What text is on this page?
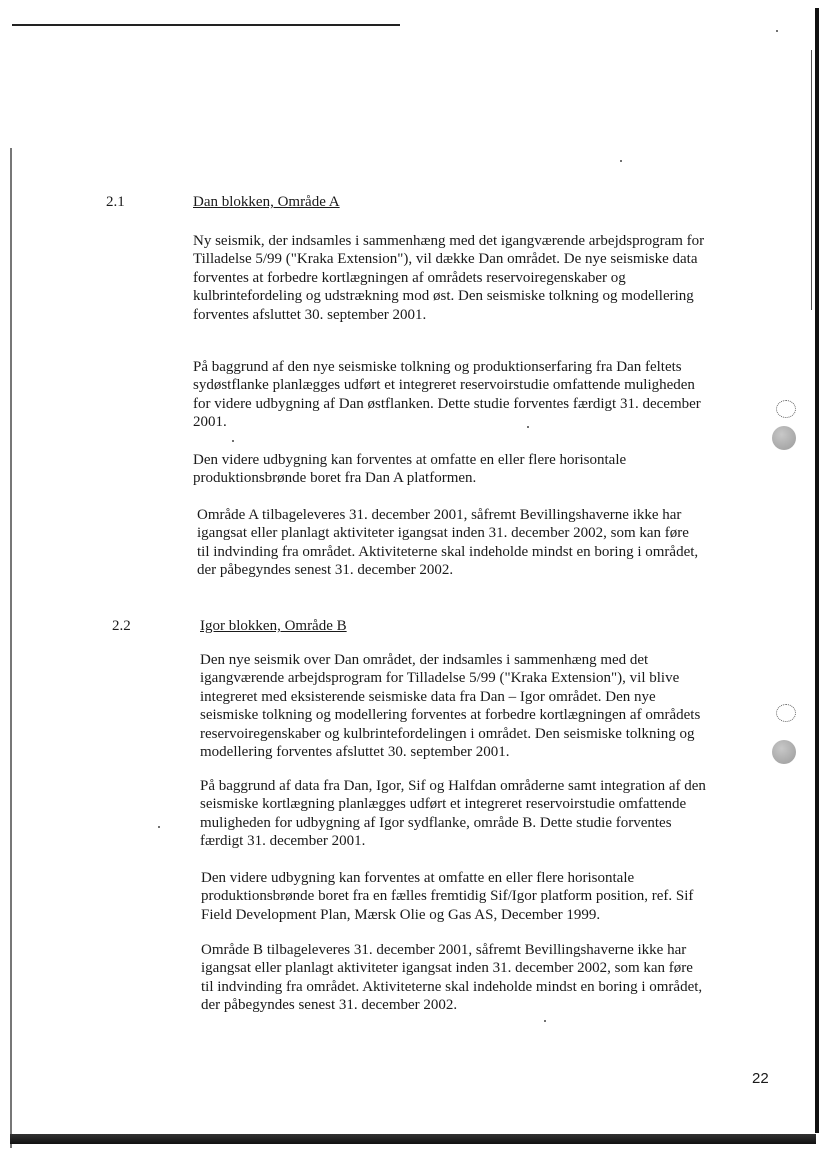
2.1	Dan blokken, Område A

Ny seismik, der indsamles i sammenhæng med det igangværende arbejdsprogram for Tilladelse 5/99 ("Kraka Extension"), vil dække Dan området. De nye seismiske data forventes at forbedre kortlægningen af områdets reservoiregenskaber og kulbrintefordeling og udstrækning mod øst. Den seismiske tolkning og modellering forventes afsluttet 30. september 2001.

På baggrund af den nye seismiske tolkning og produktionserfaring fra Dan feltets sydøstflanke planlægges udført et integreret reservoirstudie omfattende muligheden for videre udbygning af Dan østflanken. Dette studie forventes færdigt 31. december 2001.

Den videre udbygning kan forventes at omfatte en eller flere horisontale produktionsbrønde boret fra Dan A platformen.

Område A tilbageleveres 31. december 2001, såfremt Bevillingshaverne ikke har igangsat eller planlagt aktiviteter igangsat inden 31. december 2002, som kan føre til indvinding fra området. Aktiviteterne skal indeholde mindst en boring i området, der påbegyndes senest 31. december 2002.

2.2	Igor blokken, Område B

Den nye seismik over Dan området, der indsamles i sammenhæng med det igangværende arbejdsprogram for Tilladelse 5/99 ("Kraka Extension"), vil blive integreret med eksisterende seismiske data fra Dan – Igor området. Den nye seismiske tolkning og modellering forventes at forbedre kortlægningen af områdets reservoiregenskaber og kulbrintefordelingen i området. Den seismiske tolkning og modellering forventes afsluttet 30. september 2001.

På baggrund af data fra Dan, Igor, Sif og Halfdan områderne samt integration af den seismiske kortlægning planlægges udført et integreret reservoirstudie omfattende muligheden for udbygning af Igor sydflanke, område B. Dette studie forventes færdigt 31. december 2001.

Den videre udbygning kan forventes at omfatte en eller flere horisontale produktionsbrønde boret fra en fælles fremtidig Sif/Igor platform position, ref. Sif Field Development Plan, Mærsk Olie og Gas AS, December 1999.

Område B tilbageleveres 31. december 2001, såfremt Bevillingshaverne ikke har igangsat eller planlagt aktiviteter igangsat inden 31. december 2002, som kan føre til indvinding fra området. Aktiviteterne skal indeholde mindst en boring i området, der påbegyndes senest 31. december 2002.

22
